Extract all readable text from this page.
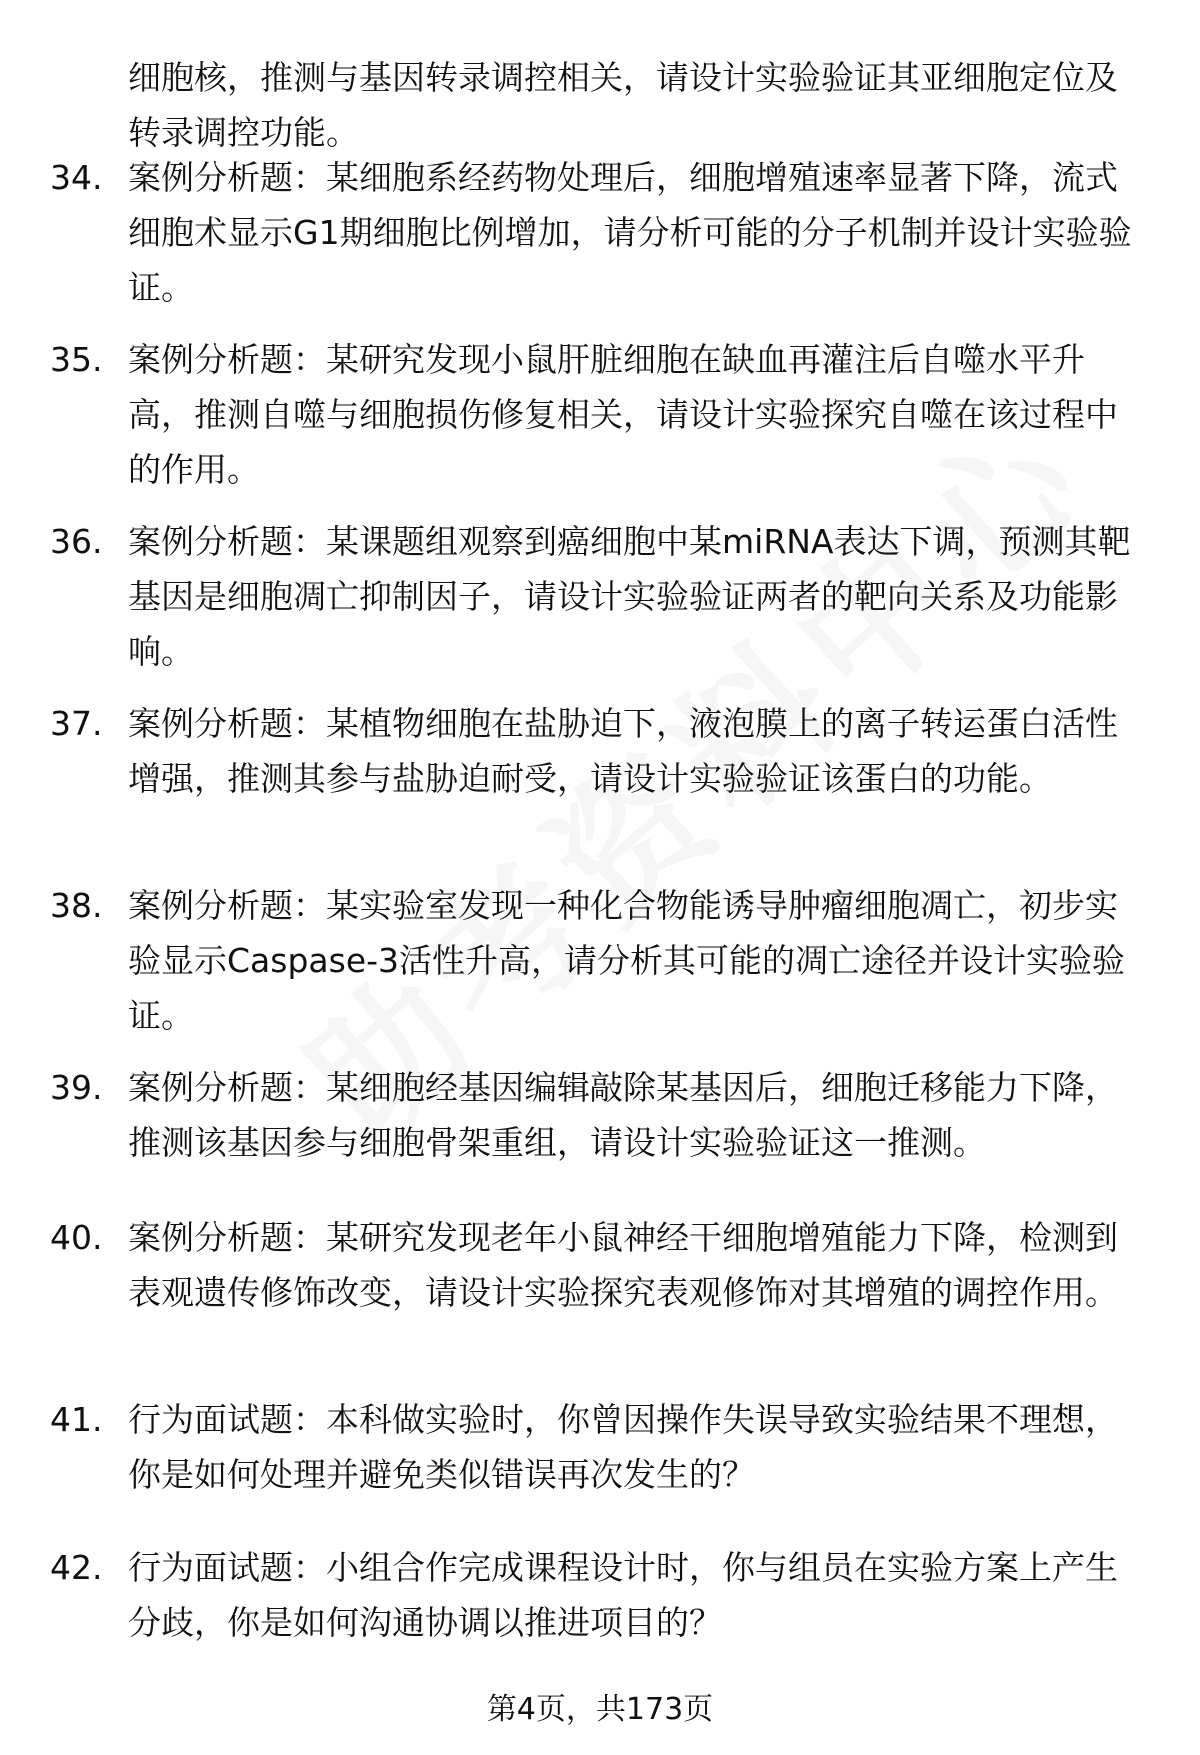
细胞核，推测与基因转录调控相关，请设计实验验证其亚细胞定位及转录调控功能。

34. 案例分析题：某细胞系经药物处理后，细胞增殖速率显著下降，流式细胞术显示G1期细胞比例增加，请分析可能的分子机制并设计实验验证。
35. 案例分析题：某研究发现小鼠肝脏细胞在缺血再灌注后自噬水平升高，推测自噬与细胞损伤修复相关，请设计实验探究自噬在该过程中的作用。
36. 案例分析题：某课题组观察到癌细胞中某miRNA表达下调，预测其靶基因是细胞凋亡抑制因子，请设计实验验证两者的靶向关系及功能影响。
37. 案例分析题：某植物细胞在盐胁迫下，液泡膜上的离子转运蛋白活性增强，推测其参与盐胁迫耐受，请设计实验验证该蛋白的功能。
38. 案例分析题：某实验室发现一种化合物能诱导肿瘤细胞凋亡，初步实验显示Caspase-3活性升高，请分析其可能的凋亡途径并设计实验验证。
39. 案例分析题：某细胞经基因编辑敲除某基因后，细胞迁移能力下降，推测该基因参与细胞骨架重组，请设计实验验证这一推测。
40. 案例分析题：某研究发现老年小鼠神经干细胞增殖能力下降，检测到表观遗传修饰改变，请设计实验探究表观修饰对其增殖的调控作用。
41. 行为面试题：本科做实验时，你曾因操作失误导致实验结果不理想，你是如何处理并避免类似错误再次发生的？
42. 行为面试题：小组合作完成课程设计时，你与组员在实验方案上产生分歧，你是如何沟通协调以推进项目的？
第4页，共173页
